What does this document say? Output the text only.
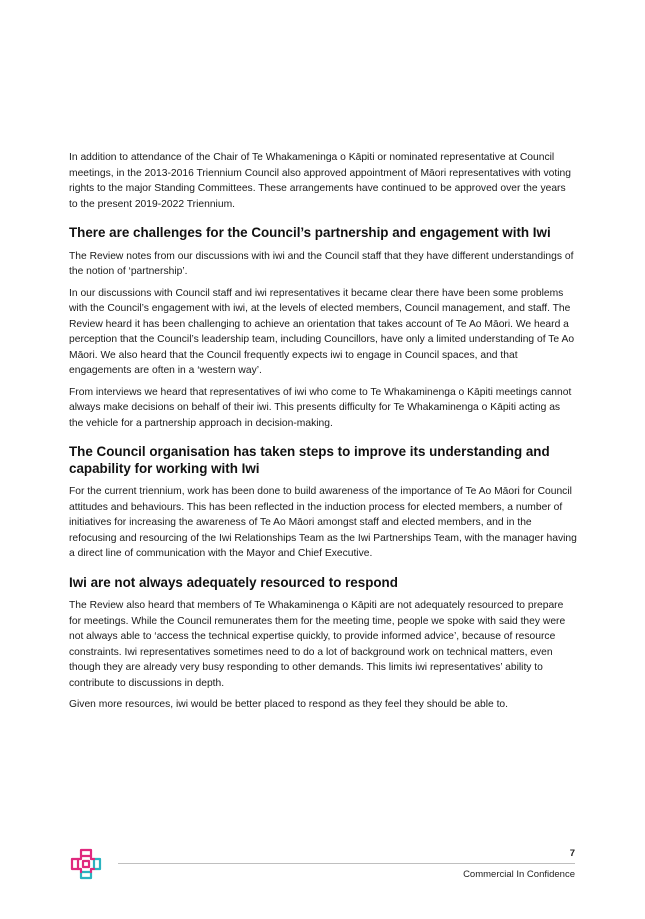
In addition to attendance of the Chair of Te Whakameninga o Kāpiti or nominated representative at Council meetings, in the 2013-2016 Triennium Council also approved appointment of Māori representatives with voting rights to the major Standing Committees. These arrangements have continued to be approved over the years to the present 2019-2022 Triennium.

There are challenges for the Council’s partnership and engagement with Iwi

The Review notes from our discussions with iwi and the Council staff that they have different understandings of the notion of ‘partnership’.

In our discussions with Council staff and iwi representatives it became clear there have been some problems with the Council’s engagement with iwi, at the levels of elected members, Council management, and staff. The Review heard it has been challenging to achieve an orientation that takes account of Te Ao Māori. We heard a perception that the Council’s leadership team, including Councillors, have only a limited understanding of Te Ao Māori. We also heard that the Council frequently expects iwi to engage in Council spaces, and that engagements are often in a ‘western way’.

From interviews we heard that representatives of iwi who come to Te Whakaminenga o Kāpiti meetings cannot always make decisions on behalf of their iwi. This presents difficulty for Te Whakaminenga o Kāpiti acting as the vehicle for a partnership approach in decision-making.

The Council organisation has taken steps to improve its understanding and capability for working with Iwi

For the current triennium, work has been done to build awareness of the importance of Te Ao Māori for Council attitudes and behaviours. This has been reflected in the induction process for elected members, a number of initiatives for increasing the awareness of Te Ao Māori amongst staff and elected members, and in the refocusing and resourcing of the Iwi Relationships Team as the Iwi Partnerships Team, with the manager having a direct line of communication with the Mayor and Chief Executive.

Iwi are not always adequately resourced to respond

The Review also heard that members of Te Whakaminenga o Kāpiti are not adequately resourced to prepare for meetings. While the Council remunerates them for the meeting time, people we spoke with said they were not always able to ‘access the technical expertise quickly, to provide informed advice’, because of resource constraints. Iwi representatives sometimes need to do a lot of background work on technical matters, even though they are already very busy responding to other demands. This limits iwi representatives’ ability to contribute to discussions in depth.

Given more resources, iwi would be better placed to respond as they feel they should be able to.

7
Commercial In Confidence
